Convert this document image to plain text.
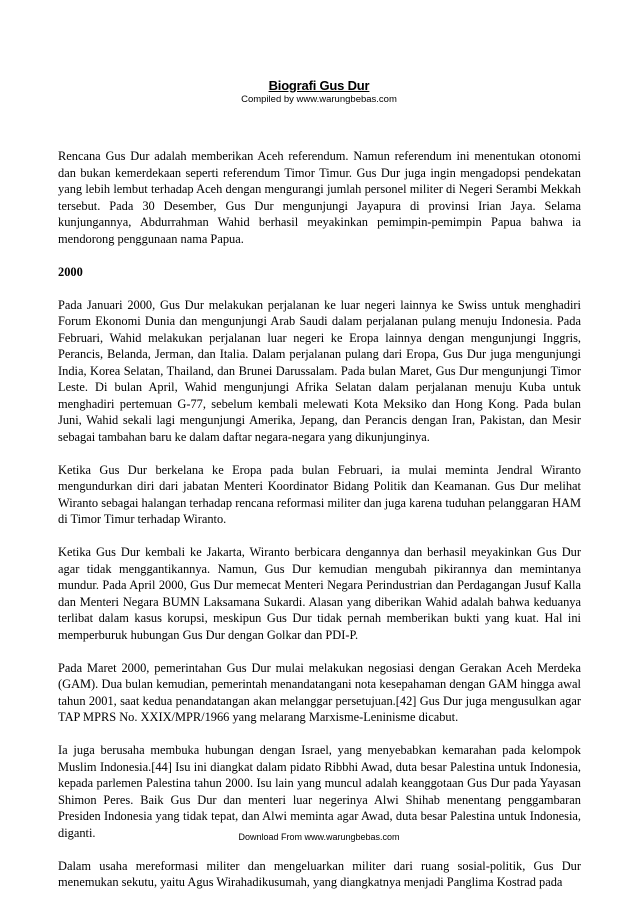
Biografi Gus Dur
Compiled by www.warungbebas.com

Rencana Gus Dur adalah memberikan Aceh referendum. Namun referendum ini menentukan otonomi dan bukan kemerdekaan seperti referendum Timor Timur. Gus Dur juga ingin mengadopsi pendekatan yang lebih lembut terhadap Aceh dengan mengurangi jumlah personel militer di Negeri Serambi Mekkah tersebut. Pada 30 Desember, Gus Dur mengunjungi Jayapura di provinsi Irian Jaya. Selama kunjungannya, Abdurrahman Wahid berhasil meyakinkan pemimpin-pemimpin Papua bahwa ia mendorong penggunaan nama Papua.

2000

Pada Januari 2000, Gus Dur melakukan perjalanan ke luar negeri lainnya ke Swiss untuk menghadiri Forum Ekonomi Dunia dan mengunjungi Arab Saudi dalam perjalanan pulang menuju Indonesia. Pada Februari, Wahid melakukan perjalanan luar negeri ke Eropa lainnya dengan mengunjungi Inggris, Perancis, Belanda, Jerman, dan Italia. Dalam perjalanan pulang dari Eropa, Gus Dur juga mengunjungi India, Korea Selatan, Thailand, dan Brunei Darussalam. Pada bulan Maret, Gus Dur mengunjungi Timor Leste. Di bulan April, Wahid mengunjungi Afrika Selatan dalam perjalanan menuju Kuba untuk menghadiri pertemuan G-77, sebelum kembali melewati Kota Meksiko dan Hong Kong. Pada bulan Juni, Wahid sekali lagi mengunjungi Amerika, Jepang, dan Perancis dengan Iran, Pakistan, dan Mesir sebagai tambahan baru ke dalam daftar negara-negara yang dikunjunginya.

Ketika Gus Dur berkelana ke Eropa pada bulan Februari, ia mulai meminta Jendral Wiranto mengundurkan diri dari jabatan Menteri Koordinator Bidang Politik dan Keamanan. Gus Dur melihat Wiranto sebagai halangan terhadap rencana reformasi militer dan juga karena tuduhan pelanggaran HAM di Timor Timur terhadap Wiranto.

Ketika Gus Dur kembali ke Jakarta, Wiranto berbicara dengannya dan berhasil meyakinkan Gus Dur agar tidak menggantikannya. Namun, Gus Dur kemudian mengubah pikirannya dan memintanya mundur. Pada April 2000, Gus Dur memecat Menteri Negara Perindustrian dan Perdagangan Jusuf Kalla dan Menteri Negara BUMN Laksamana Sukardi. Alasan yang diberikan Wahid adalah bahwa keduanya terlibat dalam kasus korupsi, meskipun Gus Dur tidak pernah memberikan bukti yang kuat. Hal ini memperburuk hubungan Gus Dur dengan Golkar dan PDI-P.

Pada Maret 2000, pemerintahan Gus Dur mulai melakukan negosiasi dengan Gerakan Aceh Merdeka (GAM). Dua bulan kemudian, pemerintah menandatangani nota kesepahaman dengan GAM hingga awal tahun 2001, saat kedua penandatangan akan melanggar persetujuan.[42] Gus Dur juga mengusulkan agar TAP MPRS No. XXIX/MPR/1966 yang melarang Marxisme-Leninisme dicabut.

Ia juga berusaha membuka hubungan dengan Israel, yang menyebabkan kemarahan pada kelompok Muslim Indonesia.[44] Isu ini diangkat dalam pidato Ribbhi Awad, duta besar Palestina untuk Indonesia, kepada parlemen Palestina tahun 2000. Isu lain yang muncul adalah keanggotaan Gus Dur pada Yayasan Shimon Peres. Baik Gus Dur dan menteri luar negerinya Alwi Shihab menentang penggambaran Presiden Indonesia yang tidak tepat, dan Alwi meminta agar Awad, duta besar Palestina untuk Indonesia, diganti.

Dalam usaha mereformasi militer dan mengeluarkan militer dari ruang sosial-politik, Gus Dur menemukan sekutu, yaitu Agus Wirahadikusumah, yang diangkatnya menjadi Panglima Kostrad pada

Download From www.warungbebas.com
